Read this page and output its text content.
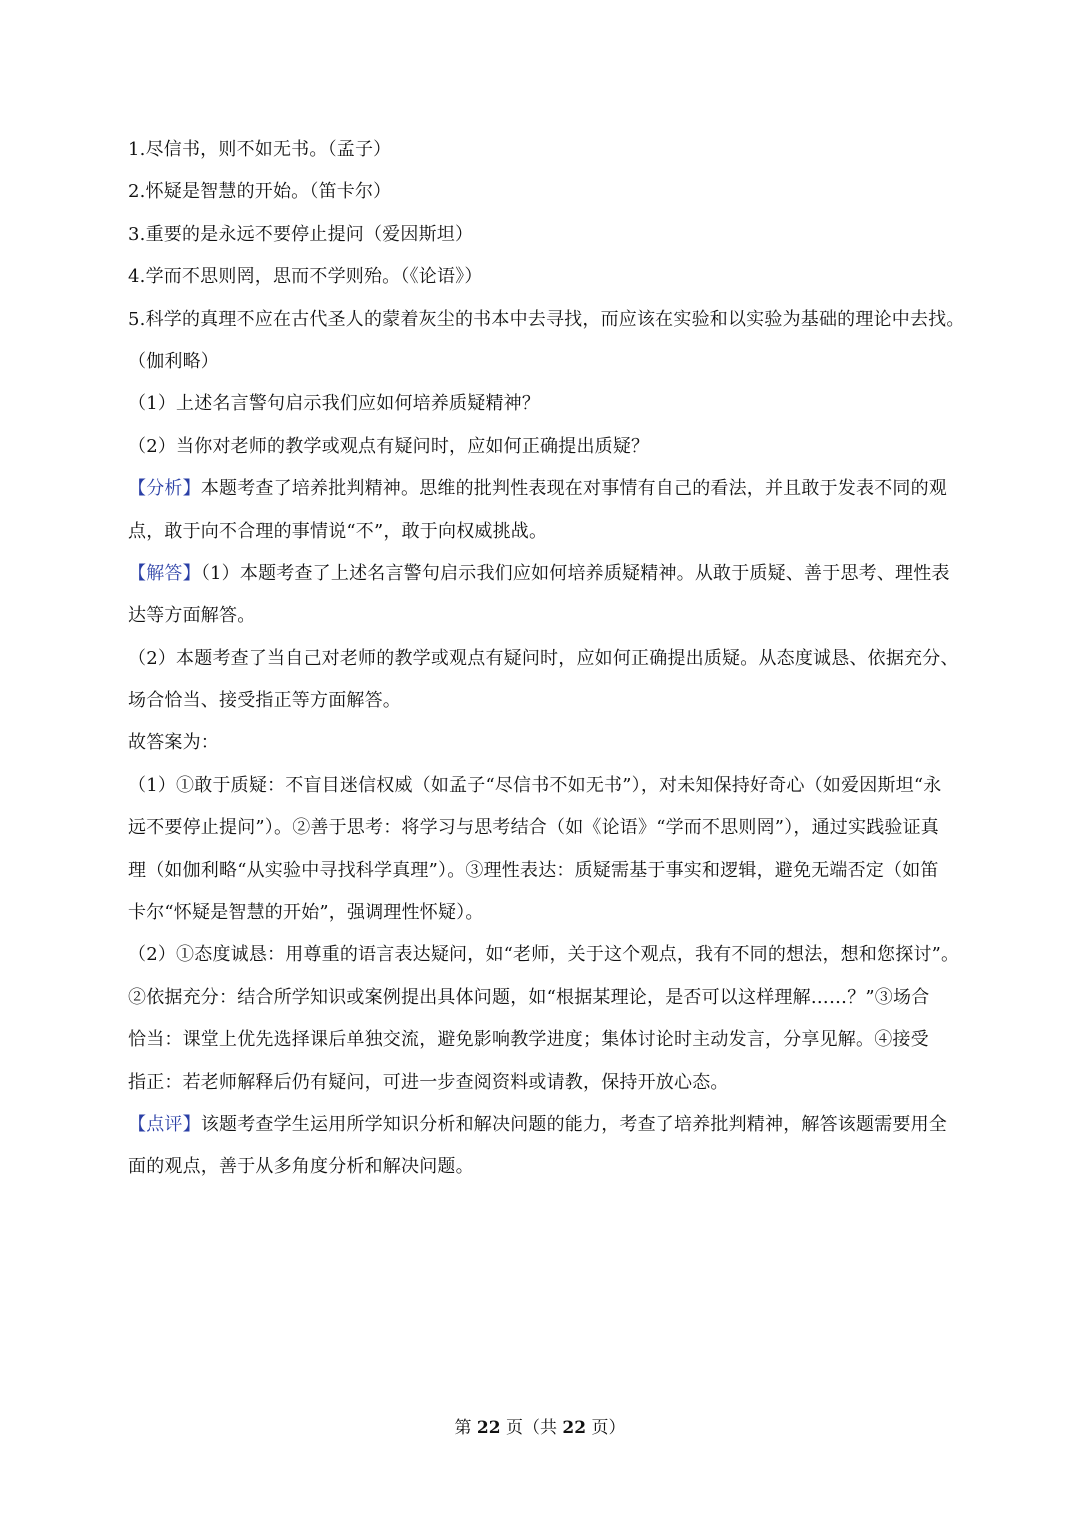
1.尽信书，则不如无书。（孟子）
2.怀疑是智慧的开始。（笛卡尔）
3.重要的是永远不要停止提问（爱因斯坦）
4.学而不思则罔，思而不学则殆。（《论语》）
5.科学的真理不应在古代圣人的蒙着灰尘的书本中去寻找，而应该在实验和以实验为基础的理论中去找。
（伽利略）
（1）上述名言警句启示我们应如何培养质疑精神？
（2）当你对老师的教学或观点有疑问时，应如何正确提出质疑？
【分析】本题考查了培养批判精神。思维的批判性表现在对事情有自己的看法，并且敢于发表不同的观
点，敢于向不合理的事情说“不”，敢于向权威挑战。
【解答】（1）本题考查了上述名言警句启示我们应如何培养质疑精神。从敢于质疑、善于思考、理性表
达等方面解答。
（2）本题考查了当自己对老师的教学或观点有疑问时，应如何正确提出质疑。从态度诚恳、依据充分、
场合恰当、接受指正等方面解答。
故答案为：
（1）①敢于质疑：不盲目迷信权威（如孟子“尽信书不如无书”），对未知保持好奇心（如爱因斯坦“永
远不要停止提问”）。②善于思考：将学习与思考结合（如《论语》“学而不思则罔”），通过实践验证真
理（如伽利略“从实验中寻找科学真理”）。③理性表达：质疑需基于事实和逻辑，避免无端否定（如笛
卡尔“怀疑是智慧的开始”，强调理性怀疑）。
（2）①态度诚恳：用尊重的语言表达疑问，如“老师，关于这个观点，我有不同的想法，想和您探讨”。
②依据充分：结合所学知识或案例提出具体问题，如“根据某理论，是否可以这样理解……？”③场合
恰当：课堂上优先选择课后单独交流，避免影响教学进度；集体讨论时主动发言，分享见解。④接受
指正：若老师解释后仍有疑问，可进一步查阅资料或请教，保持开放心态。
【点评】该题考查学生运用所学知识分析和解决问题的能力，考查了培养批判精神，解答该题需要用全
面的观点，善于从多角度分析和解决问题。
第 22 页（共 22 页）
